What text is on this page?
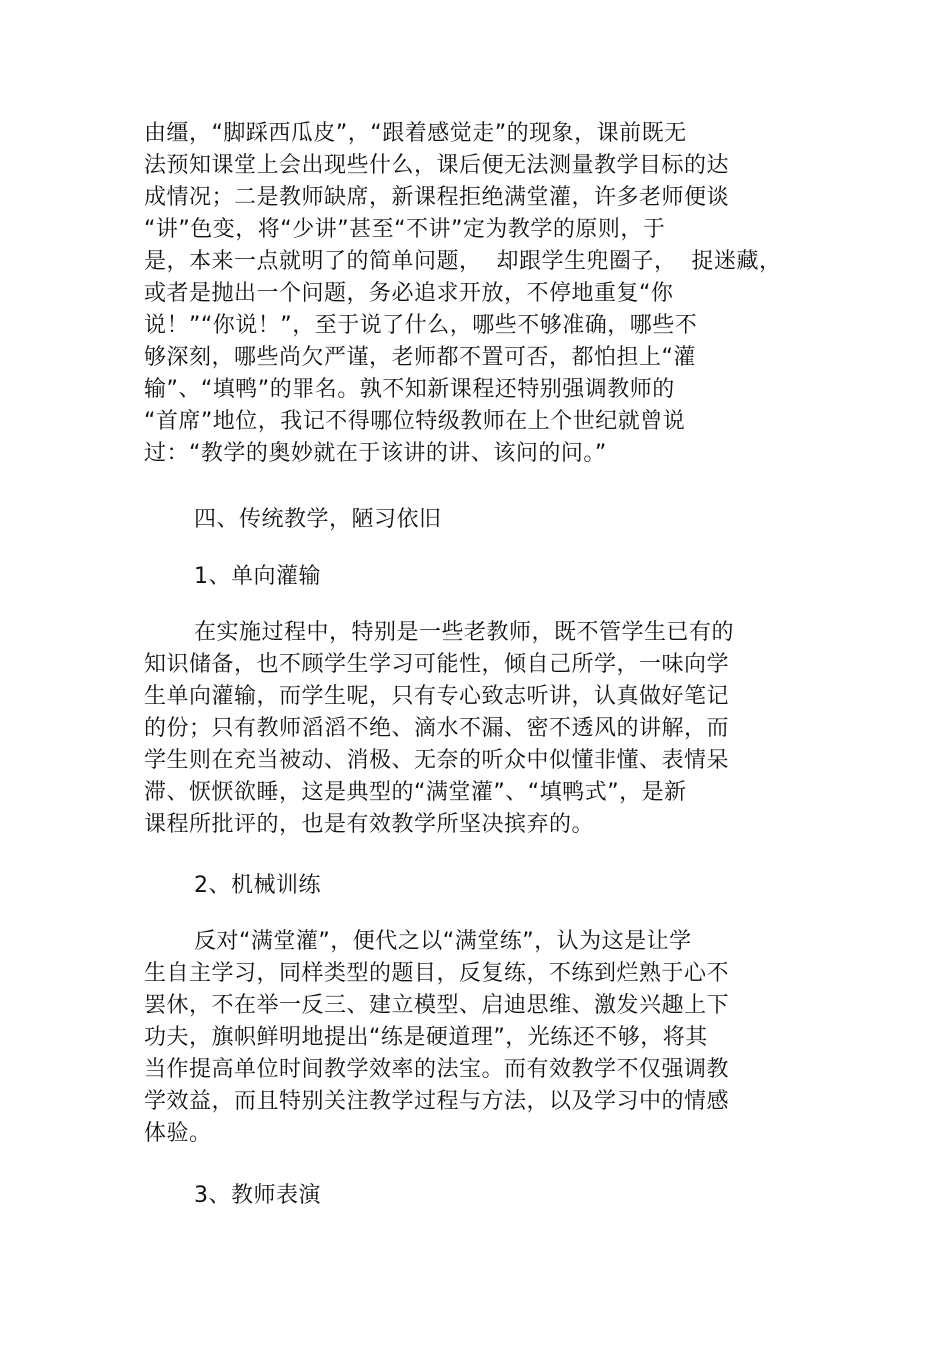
由缰，“脚踩西瓜皮”，“跟着感觉走”的现象，课前既无
法预知课堂上会出现些什么，课后便无法测量教学目标的达
成情况；二是教师缺席，新课程拒绝满堂灌，许多老师便谈
“讲”色变，将“少讲”甚至“不讲”定为教学的原则，于
是，本来一点就明了的简单问题，  却跟学生兜圈子，  捉迷藏，
或者是抛出一个问题，务必追求开放，不停地重复“你
说！”“你说！”，至于说了什么，哪些不够准确，哪些不
够深刻，哪些尚欠严谨，老师都不置可否，都怕担上“灌
输”、“填鸭”的罪名。孰不知新课程还特别强调教师的
“首席”地位，我记不得哪位特级教师在上个世纪就曾说
过：“教学的奥妙就在于该讲的讲、该问的问。”
四、传统教学，陋习依旧
1、单向灌输
在实施过程中，特别是一些老教师，既不管学生已有的
知识储备，也不顾学生学习可能性，倾自己所学，一味向学
生单向灌输，而学生呢，只有专心致志听讲，认真做好笔记
的份；只有教师滔滔不绝、滴水不漏、密不透风的讲解，而
学生则在充当被动、消极、无奈的听众中似懂非懂、表情呆
滞、恹恹欲睡，这是典型的“满堂灌”、“填鸭式”，是新
课程所批评的，也是有效教学所坚决摈弃的。
2、机械训练
反对“满堂灌”，便代之以“满堂练”，认为这是让学
生自主学习，同样类型的题目，反复练，不练到烂熟于心不
罢休，不在举一反三、建立模型、启迪思维、激发兴趣上下
功夫，旗帜鲜明地提出“练是硬道理”，光练还不够，将其
当作提高单位时间教学效率的法宝。而有效教学不仅强调教
学效益，而且特别关注教学过程与方法，以及学习中的情感
体验。
3、教师表演
